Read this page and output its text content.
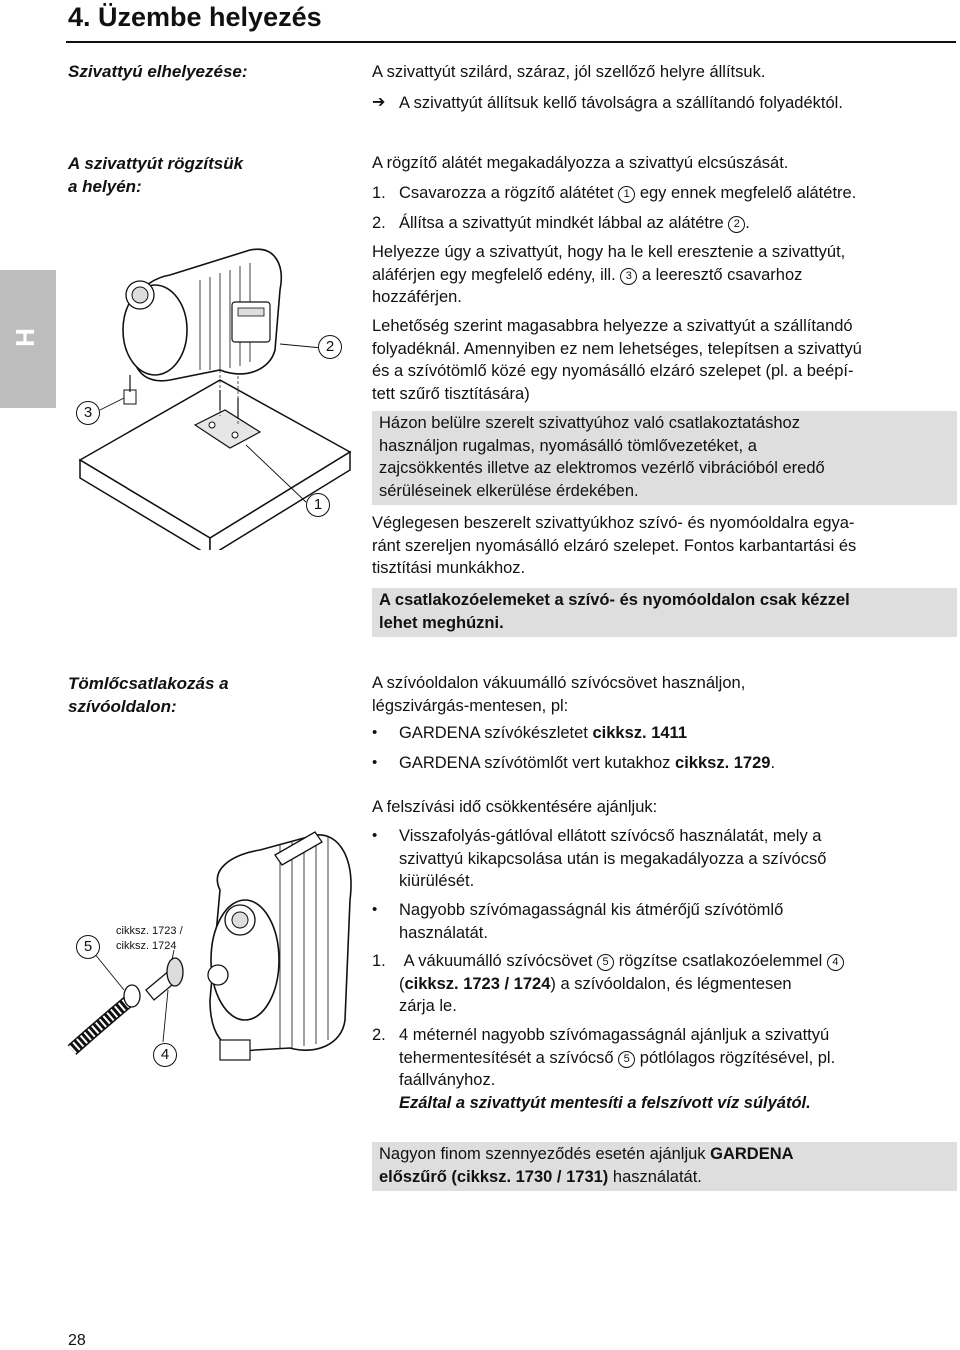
4. Üzembe helyezés
H
Szivattyú elhelyezése:	A szivattyút szilárd, száraz, jól szellőző helyre állítsuk.
➔ A szivattyút állítsuk kellő távolságra a szállítandó folyadéktól.
A szivattyút rögzítsük
a helyén:
A rögzítő alátét megakadályozza a szivattyú elcsúszását.
1. Csavarozza a rögzítő alátétet 1 egy ennek megfelelő alátétre.
2. Állítsa a szivattyút mindkét lábbal az alátétre 2 .
Helyezze úgy a szivattyút, hogy ha le kell eresztenie a szivattyút,
aláférjen egy megfelelő edény, ill. 3 a leeresztő csavarhoz
hozzáférjen.
Lehetőség szerint magasabbra helyezze a szivattyút a szállítandó
folyadéknál. Amennyiben ez nem lehetséges, telepítsen a szivattyú
és a szívótömlő közé egy nyomásálló elzáró szelepet (pl. a beépí-
tett szűrő tisztítására)
Házon belülre szerelt szivattyúhoz való csatlakoztatáshoz
használjon rugalmas, nyomásálló tömlővezetéket, a
zajcsökkentés illetve az elektromos vezérlő vibrációból eredő
sérüléseinek elkerülése érdekében.
Véglegesen beszerelt szivattyúkhoz szívó- és nyomóoldalra egya-
ránt szereljen nyomásálló elzáró szelepet. Fontos karbantartási és
tisztítási munkákhoz.
A csatlakozóelemeket a szívó- és nyomóoldalon csak kézzel
lehet meghúzni.
2
1
3
Tömlőcsatlakozás a
szívóoldalon:
A szívóoldalon vákuumálló szívócsövet használjon,
légszivárgás-mentesen, pl:
• GARDENA szívókészletet cikksz. 1411
• GARDENA szívótömlőt vert kutakhoz cikksz. 1729.
A felszívási idő csökkentésére ajánljuk:
• Visszafolyás-gátlóval ellátott szívócső használatát, mely a
szivattyú kikapcsolása után is megakadályozza a szívócső
kiürülését.
• Nagyobb szívómagasságnál kis átmérőjű szívótömlő
használatát.
1. A vákuumálló szívócsövet 5 rögzítse csatlakozóelemmel 4
(cikksz. 1723 / 1724) a szívóoldalon, és légmentesen
zárja le.
2. 4 méternél nagyobb szívómagasságnál ajánljuk a szivattyú
tehermentesítését a szívócső 5 pótlólagos rögzítésével, pl.
faállványhoz.
Ezáltal a szivattyút mentesíti a felszívott víz súlyától.
Nagyon finom szennyeződés esetén ajánljuk GARDENA
előszűrő (cikksz. 1730 / 1731) használatát.
cikksz. 1723 /
cikksz. 1724
5
4
28
